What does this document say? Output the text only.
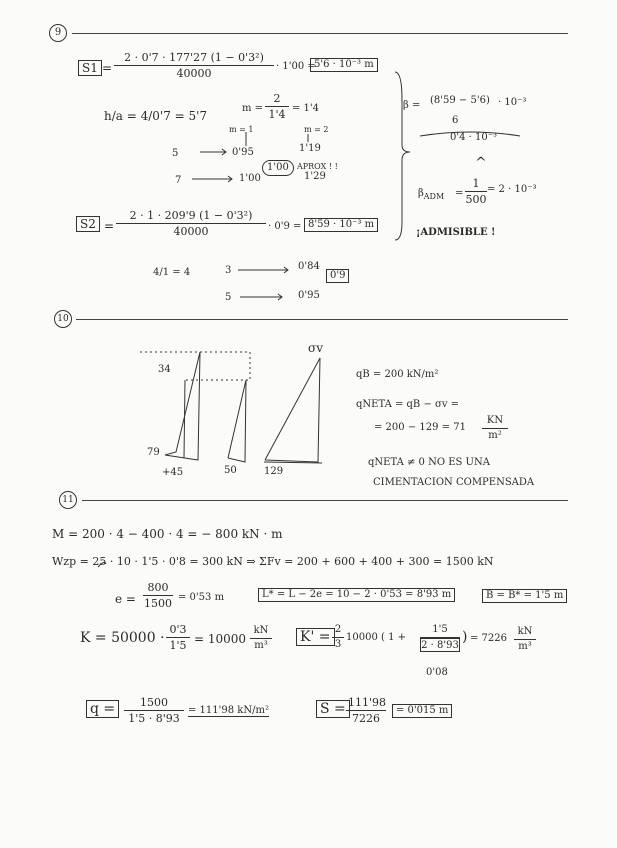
9
$S1 = \frac{\text{2 · 0'7 · 177'27 (1 − 0'3²)}}{40000} \cdot 1'00$ =
5'6 · 10⁻³ m
h/a = 4/0'7 = 5'7
$m = \frac{2}{1'4} = 1'4$
m = 1	m = 2
5	0'95	1'19
1'00	APROX ! !
7	1'00	1'29
β = (8'59 − 5'6) · 10⁻³
6
0'4 · 10⁻³
^
$\beta_{ADM} = \frac{1}{500} = 2 \cdot 10^{-3}$
¡ADMISIBLE !
$S2 = \frac{\text{2 · 1 · 209'9 (1 − 0'3²)}}{40000} \cdot 0'9 = 8'59 \cdot 10^{-3}$ m
4/1 = 4	3	0'84
0'9
5	0'95
10
34
79
+45	50	129
σv
qB = 200 kN/m²
qNETA = qB − σv =
= $200 - 129 = 71 \frac{KN}{\text{m²}}$
qNETA ≠ 0 NO ES UNA
CIMENTACION COMPENSADA
11
M = 200 · 4 − 400 · 4 = − 800 kN · m
Wzp = 25 · 10 · 1'5 · 0'8 = 300 kN ⇒ ΣFv = 200 + 600 + 400 + 300 = 1500 kN
$e = \frac{800}{1500} = 0'53$ m	L* = L − 2e = 10 − 2 · 0'53 = 8'93 m	B = B* = 1'5 m
$K = 50000 \cdot \frac{0'3}{1'5} = 10000 \frac{kN}{\text{m³}} K' = \frac{2}{3} 10000$ ( $1 + \frac{1'5}{2 \cdot 8'93}$ ) = $7226 \frac{kN}{\text{m³}}$
0'08
$q = \frac{1500}{1'5 \cdot 8'93} = 111'98$ kN/m²	$S = \frac{111'98}{7226}$	= 0'015 m
